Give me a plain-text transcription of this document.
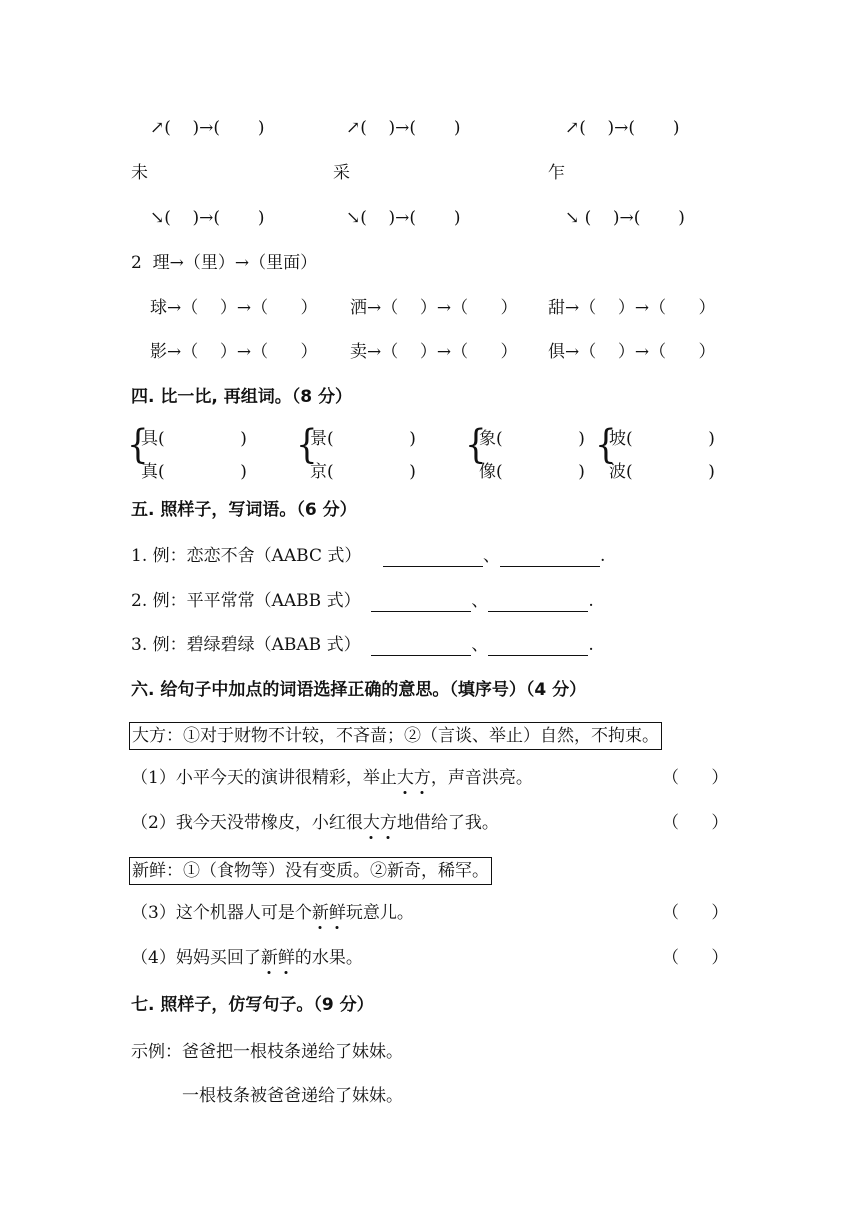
↗(    )→(       )	↗(    )→(       )	↗(    )→(       )
未	采	乍
↘(    )→(       )	↘(    )→(       )	↘ (    )→(       )
2  理→（里）→（里面）
球→（    ）→（      ） 洒→（    ）→（      ） 甜→（    ）→（      ）
影→（    ）→（      ） 卖→（    ）→（      ） 俱→（    ）→（      ）
四. 比一比, 再组词。（8 分）
{
具(              )
真(              )
{
景(              )
京(              )
{
象(              )
像(              )
{
坡(              )
波(              )
五. 照样子，写词语。（6 分）
1. 例：恋恋不舍（AABC 式）	、	.
2. 例：平平常常（AABB 式）	、	.
3. 例：碧绿碧绿（ABAB 式）	、	.
六. 给句子中加点的词语选择正确的意思。（填序号）（4 分）
大方：①对于财物不计较，不吝啬；②（言谈、举止）自然，不拘束。
（1）小平今天的演讲很精彩，举止大方，声音洪亮。	（      ）
（2）我今天没带橡皮，小红很大方地借给了我。	（      ）
新鲜：①（食物等）没有变质。②新奇，稀罕。
（3）这个机器人可是个新鲜玩意儿。	（      ）
（4）妈妈买回了新鲜的水果。	（      ）
七. 照样子，仿写句子。（9 分）
示例：爸爸把一根枝条递给了妹妹。
一根枝条被爸爸递给了妹妹。
